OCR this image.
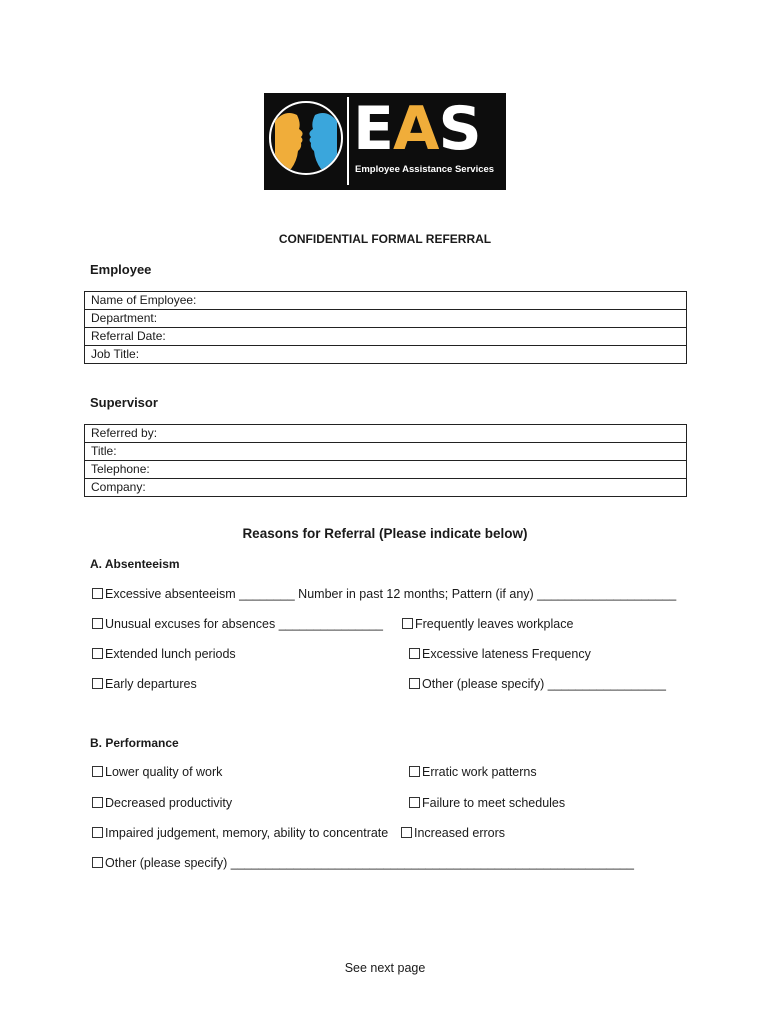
EAS
Employee Assistance Services
CONFIDENTIAL FORMAL REFERRAL
Employee
Name of Employee:
Department:
Referral Date:
Job Title:
Supervisor
Referred by:
Title:
Telephone:
Company:
Reasons for Referral (Please indicate below)
A. Absenteeism
Excessive absenteeism ________ Number in past 12 months; Pattern (if any) ____________________
Unusual excuses for absences _______________	Frequently leaves workplace
Extended lunch periods	Excessive lateness Frequency
Early departures	Other (please specify) _________________
B. Performance
Lower quality of work	Erratic work patterns
Decreased productivity	Failure to meet schedules
Impaired judgement, memory, ability to concentrate	Increased errors
Other (please specify) __________________________________________________________
See next page
